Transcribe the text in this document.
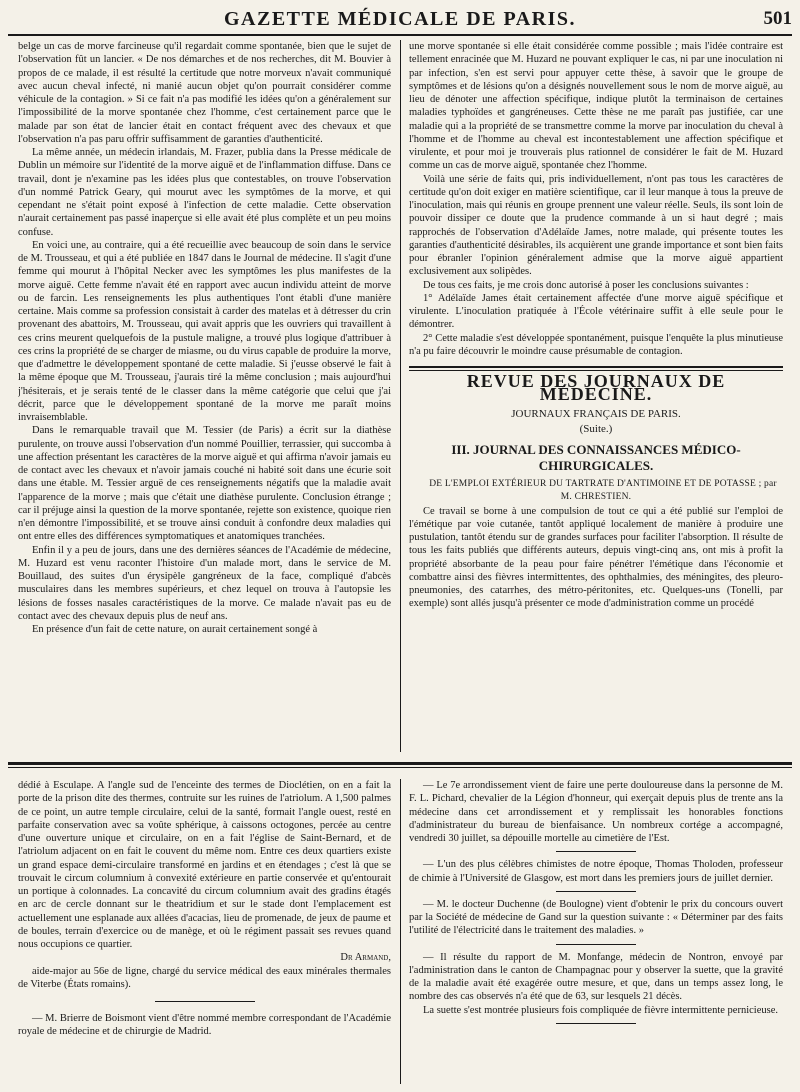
GAZETTE MÉDICALE DE PARIS.	501

belge un cas de morve farcineuse qu'il regardait comme spontanée, bien que le sujet de l'observation fût un lancier. « De nos démarches et de nos recherches, dit M. Bouvier à propos de ce malade, il est résulté la certitude que notre morveux n'avait communiqué avec aucun cheval infecté, ni manié aucun objet qu'on pourrait considérer comme véhicule de la contagion. » Si ce fait n'a pas modifié les idées qu'on a généralement sur l'impossibilité de la morve spontanée chez l'homme, c'est certainement parce que le malade par son état de lancier était en contact fréquent avec des chevaux et que l'observation n'a pas paru offrir suffisamment de garanties d'authenticité.

La même année, un médecin irlandais, M. Frazer, publia dans la Presse médicale de Dublin un mémoire sur l'identité de la morve aiguë et de l'inflammation diffuse. Dans ce travail, dont je n'examine pas les idées plus que contestables, on trouve l'observation d'un nommé Patrick Geary, qui mourut avec les symptômes de la morve, et qui cependant ne s'était point exposé à l'infection de cette maladie. Cette observation n'aurait certainement pas passé inaperçue si elle avait été plus complète et un peu moins confuse.

En voici une, au contraire, qui a été recueillie avec beaucoup de soin dans le service de M. Trousseau, et qui a été publiée en 1847 dans le Journal de médecine. Il s'agit d'une femme qui mourut à l'hôpital Necker avec les symptômes les plus manifestes de la morve aiguë. Cette femme n'avait été en rapport avec aucun individu atteint de morve ou de farcin. Les renseignements les plus authentiques l'ont établi d'une manière certaine. Mais comme sa profession consistait à carder des matelas et à détresser du crin provenant des abattoirs, M. Trousseau, qui avait appris que les ouvriers qui travaillent à ces crins meurent quelquefois de la pustule maligne, a trouvé plus logique d'attribuer à ces crins la propriété de se charger de miasme, ou du virus capable de produire la morve, que d'admettre le développement spontané de cette maladie. Si j'eusse observé le fait à la même époque que M. Trousseau, j'aurais tiré la même conclusion ; mais aujourd'hui j'hésiterais, et je serais tenté de le classer dans la même catégorie que celui que j'ai décrit, parce que le développement spontané de la morve me paraît moins invraisemblable.

Dans le remarquable travail que M. Tessier (de Paris) a écrit sur la diathèse purulente, on trouve aussi l'observation d'un nommé Pouillier, terrassier, qui succomba à une affection présentant les caractères de la morve aiguë et qui affirma n'avoir jamais eu de contact avec les chevaux et n'avoir jamais couché ni habité soit dans une écurie soit dans une étable. M. Tessier arguë de ces renseignements négatifs que la maladie avait l'apparence de la morve ; mais que c'était une diathèse purulente. Conclusion étrange ; car il préjuge ainsi la question de la morve spontanée, rejette son existence, quoique rien n'en démontre l'impossibilité, et se trouve ainsi conduit à confondre deux maladies qui ont entre elles des différences symptomatiques et anatomiques tranchées.

Enfin il y a peu de jours, dans une des dernières séances de l'Académie de médecine, M. Huzard est venu raconter l'histoire d'un malade mort, dans le service de M. Bouillaud, des suites d'un érysipèle gangréneux de la face, compliqué d'abcès musculaires dans les membres supérieurs, et chez lequel on trouva à l'autopsie les lésions de fosses nasales caractéristiques de la morve. Ce malade n'avait pas eu de contact avec des chevaux depuis plus de neuf ans.

En présence d'un fait de cette nature, on aurait certainement songé à

une morve spontanée si elle était considérée comme possible ; mais l'idée contraire est tellement enracinée que M. Huzard ne pouvant expliquer le cas, ni par une inoculation ni par infection, s'en est servi pour appuyer cette thèse, à savoir que le groupe de symptômes et de lésions qu'on a désignés nouvellement sous le nom de morve aiguë, au lieu de dénoter une affection spécifique, indique plutôt la terminaison de certaines maladies typhoïdes et gangréneuses. Cette thèse ne me paraît pas justifiée, car une maladie qui a la propriété de se transmettre comme la morve par inoculation du cheval à l'homme et de l'homme au cheval est incontestablement une affection spécifique et virulente, et pour moi je trouverais plus rationnel de considérer le fait de M. Huzard comme un cas de morve aiguë, spontanée chez l'homme.

Voilà une série de faits qui, pris individuellement, n'ont pas tous les caractères de certitude qu'on doit exiger en matière scientifique, car il leur manque à tous la preuve de l'inoculation, mais qui réunis en groupe prennent une valeur réelle. Seuls, ils sont loin de pouvoir dissiper ce doute que la prudence commande à un si haut degré ; mais rapprochés de l'observation d'Adélaïde James, notre malade, qui présente toutes les garanties d'authenticité désirables, ils acquièrent une grande importance et sont bien faits pour ébranler l'opinion généralement admise que la morve aiguë appartient exclusivement aux solipèdes.

De tous ces faits, je me crois donc autorisé à poser les conclusions suivantes :

1° Adélaïde James était certainement affectée d'une morve aiguë spécifique et virulente. L'inoculation pratiquée à l'École vétérinaire suffit à elle seule pour le démontrer.

2° Cette maladie s'est développée spontanément, puisque l'enquête la plus minutieuse n'a pu faire découvrir le moindre cause présumable de contagion.

REVUE DES JOURNAUX DE MÉDECINE.
JOURNAUX FRANÇAIS DE PARIS.
(Suite.)
III. JOURNAL DES CONNAISSANCES MÉDICO-CHIRURGICALES.

DE L'EMPLOI EXTÉRIEUR DU TARTRATE D'ANTIMOINE ET DE POTASSE ; par M. CHRESTIEN.

Ce travail se borne à une compulsion de tout ce qui a été publié sur l'emploi de l'émétique par voie cutanée, tantôt appliqué localement de manière à produire une pustulation, tantôt étendu sur de grandes surfaces pour faciliter l'absorption. Il résulte de tous les faits publiés que différents auteurs, depuis vingt-cinq ans, ont mis à profit la propriété absorbante de la peau pour faire pénétrer l'émétique dans l'économie et combattre ainsi des fièvres intermittentes, des ophthalmies, des méningites, des pleuro-pneumonies, des catarrhes, des métro-péritonites, etc. Quelques-uns (Tonelli, par exemple) sont allés jusqu'à présenter ce mode d'administration comme un procédé

dédié à Esculape. A l'angle sud de l'enceinte des termes de Dioclétien, on en a fait la porte de la prison dite des thermes, contruite sur les ruines de l'atriolum. A 1,500 palmes de ce point, un autre temple circulaire, celui de la santé, formait l'angle ouest, resté en parfaite conservation avec sa voûte sphérique, à caissons octogones, percée au centre d'une ouverture unique et circulaire, on en a fait l'église de Saint-Bernard, et de l'atriolum adjacent on en fait le couvent du même nom. Entre ces deux quartiers existe un grand espace demi-circulaire transformé en jardins et en étendages ; c'est là que se trouvait le circum columnium à convexité extérieure en partie conservée et qu'entourait un portique à colonnades. La concavité du circum columnium avait des gradins étagés en arc de cercle donnant sur le theatridium et sur le stade dont l'emplacement est actuellement une esplanade aux allées d'acacias, lieu de promenade, de jeux de paume et de boules, terrain d'exercice ou de manège, et où le régiment passait ses revues quand nous occupions ce quartier.

Dr Armand,

aide-major au 56e de ligne, chargé du service médical des eaux minérales thermales de Viterbe (États romains).

— M. Brierre de Boismont vient d'être nommé membre correspondant de l'Académie royale de médecine et de chirurgie de Madrid.

— Le 7e arrondissement vient de faire une perte douloureuse dans la personne de M. F. L. Pichard, chevalier de la Légion d'honneur, qui exerçait depuis plus de trente ans la médecine dans cet arrondissement et y remplissait les honorables fonctions d'administrateur du bureau de bienfaisance. Un nombreux cortége a accompagné, vendredi 30 juillet, sa dépouille mortelle au cimetière de l'Est.

— L'un des plus célèbres chimistes de notre époque, Thomas Tholoden, professeur de chimie à l'Université de Glasgow, est mort dans les premiers jours de juillet dernier.

— M. le docteur Duchenne (de Boulogne) vient d'obtenir le prix du concours ouvert par la Société de médecine de Gand sur la question suivante : « Déterminer par des faits l'utilité de l'électricité dans le traitement des maladies. »

— Il résulte du rapport de M. Monfange, médecin de Nontron, envoyé par l'administration dans le canton de Champagnac pour y observer la suette, que la gravité de la maladie avait été exagérée outre mesure, et que, dans un temps assez long, le nombre des cas observés n'a été que de 63, sur lesquels 21 décès.

La suette s'est montrée plusieurs fois compliquée de fièvre intermittente pernicieuse.
